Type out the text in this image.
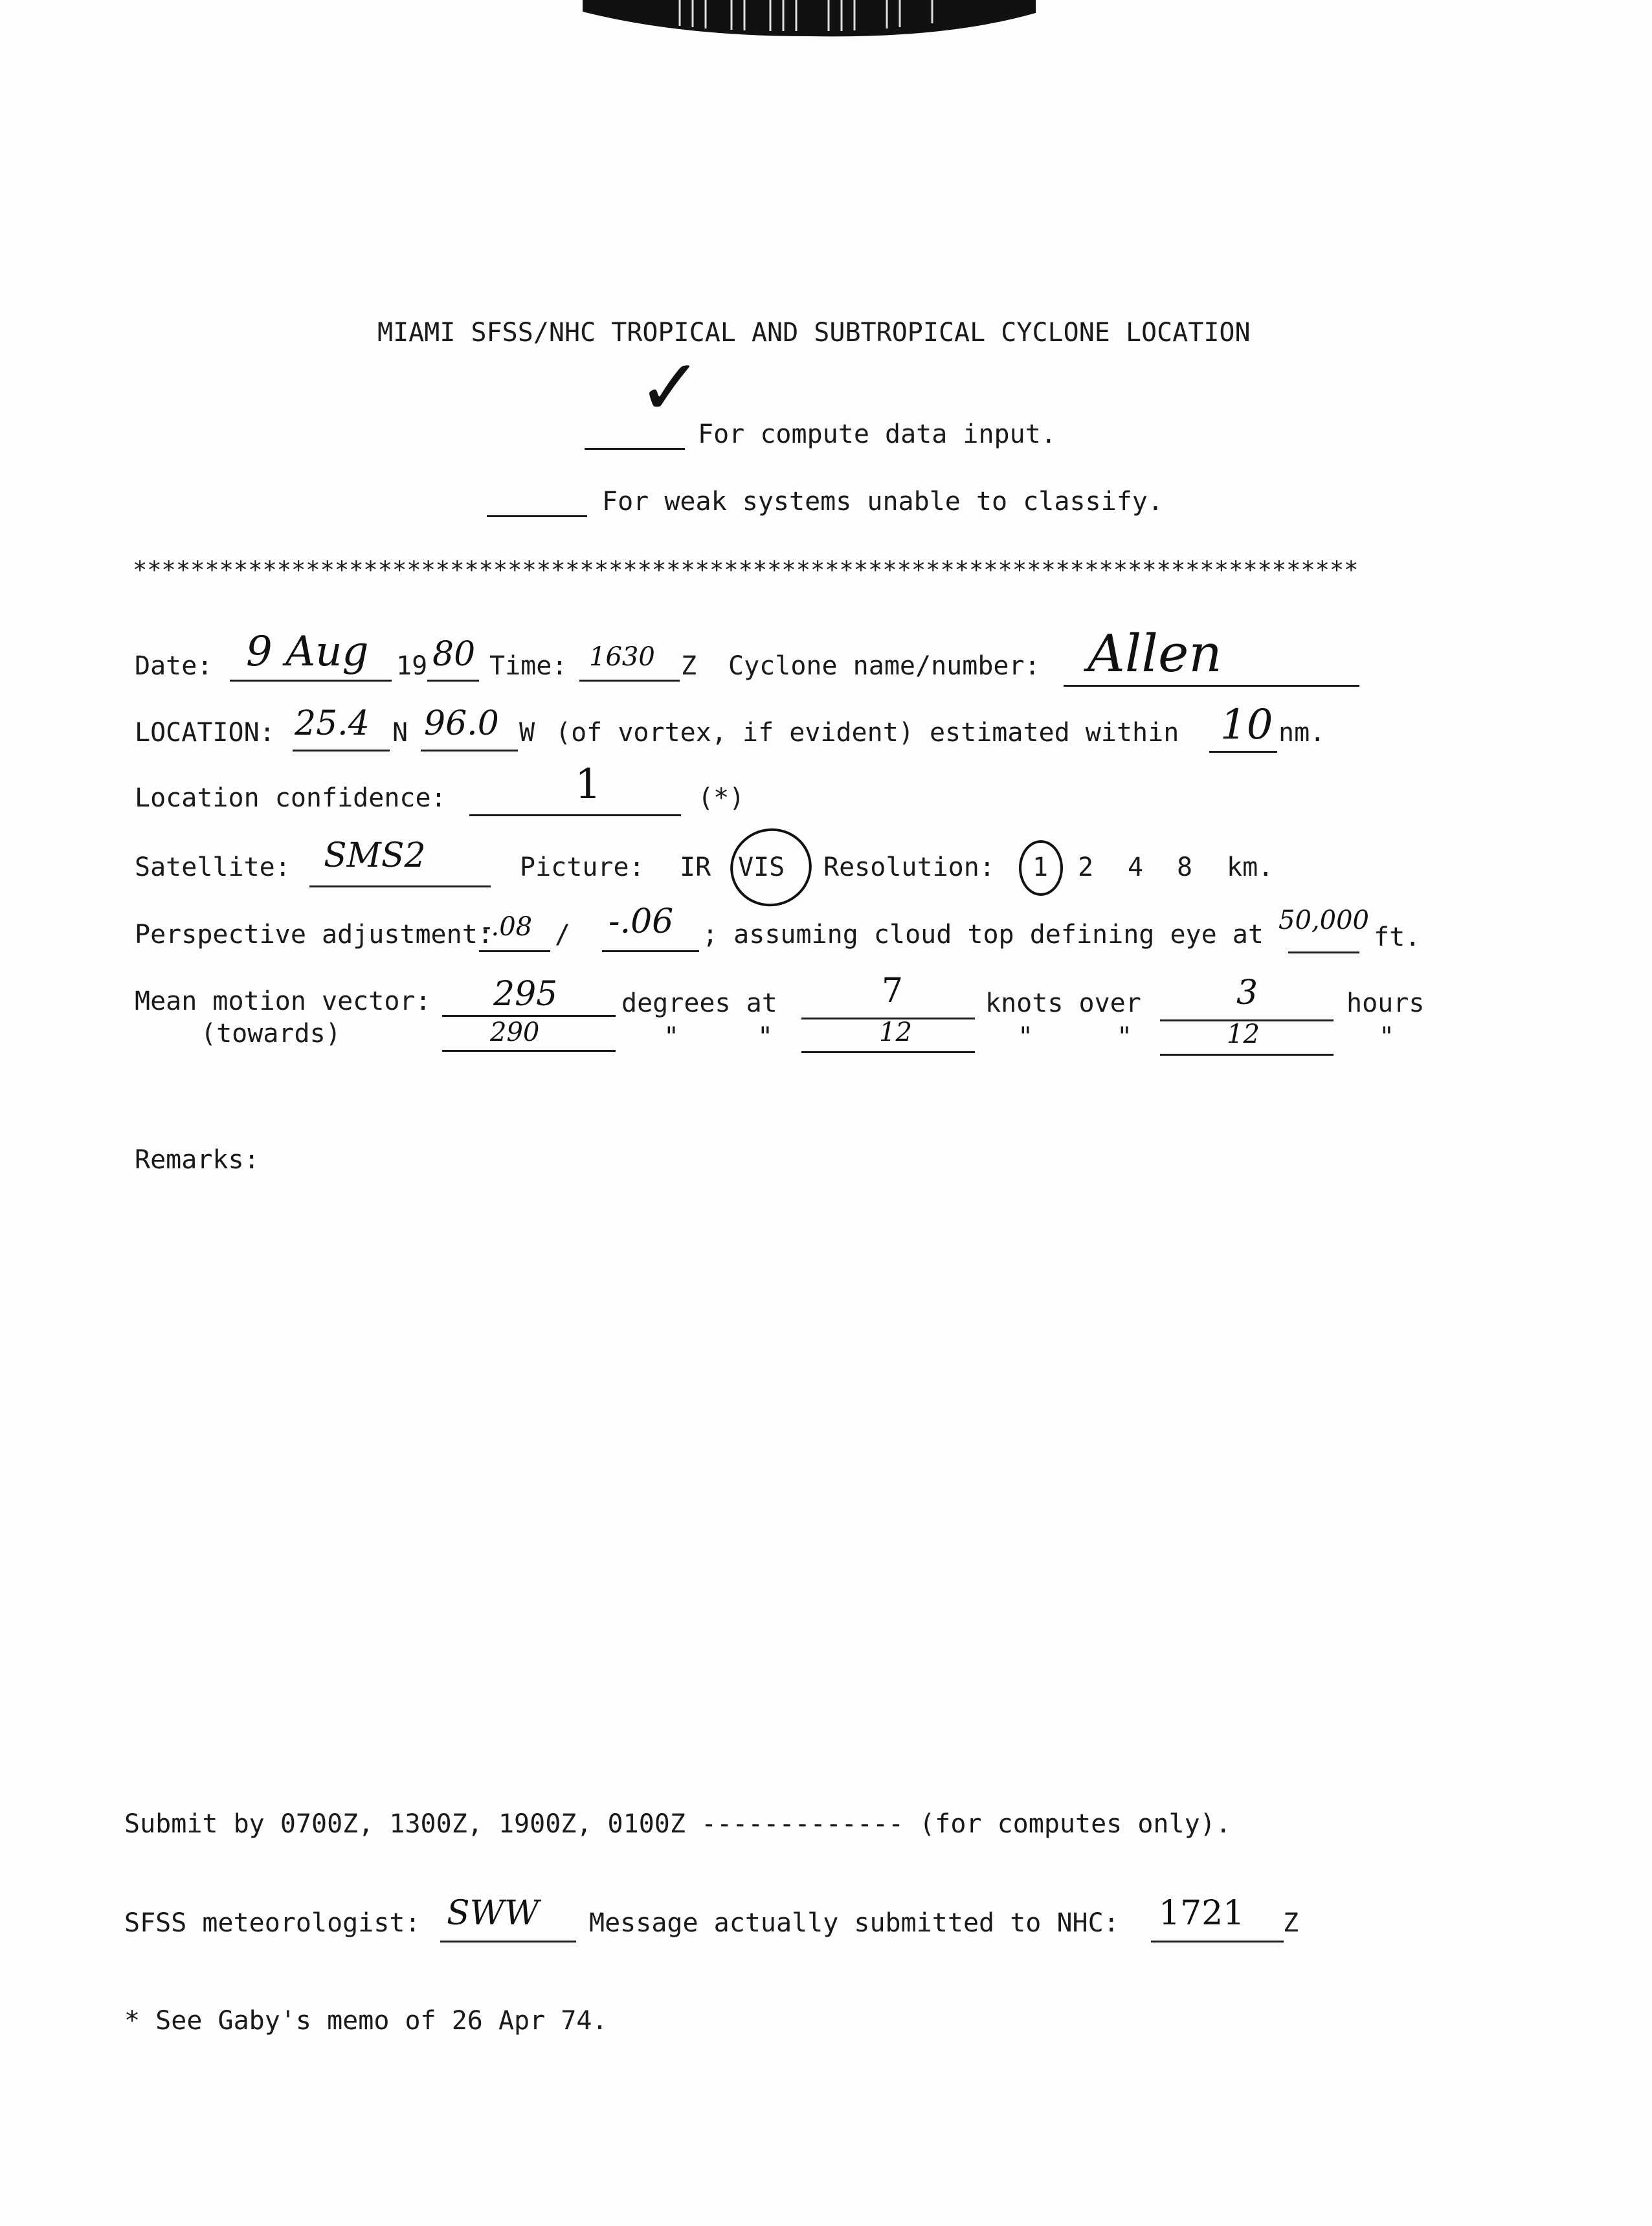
MIAMI SFSS/NHC TROPICAL AND SUBTROPICAL CYCLONE LOCATION
✓
For compute data input.
For weak systems unable to classify.
*************************************************************************************
Date: 9 Aug 19 80 Time: 1630 Z Cyclone name/number: Allen
LOCATION: 25.4 N 96.0 W (of vortex, if evident) estimated within 10 nm.
Location confidence:	1	(*)
Satellite: SMS2	Picture: IR VIS Resolution: 1 2 4 8 km.
Perspective adjustment:
-.08 / -.06 ; assuming cloud top defining eye at 50,000
ft.
Mean motion vector:
(towards)
295 degrees at	7	knots over	3	hours
290	"	"	12	"	"	12	"
Remarks:
Submit by 0700Z, 1300Z, 1900Z, 0100Z ------------- (for computes only).
SFSS meteorologist: SWW Message actually submitted to NHC: 1721 Z
* See Gaby's memo of 26 Apr 74.
